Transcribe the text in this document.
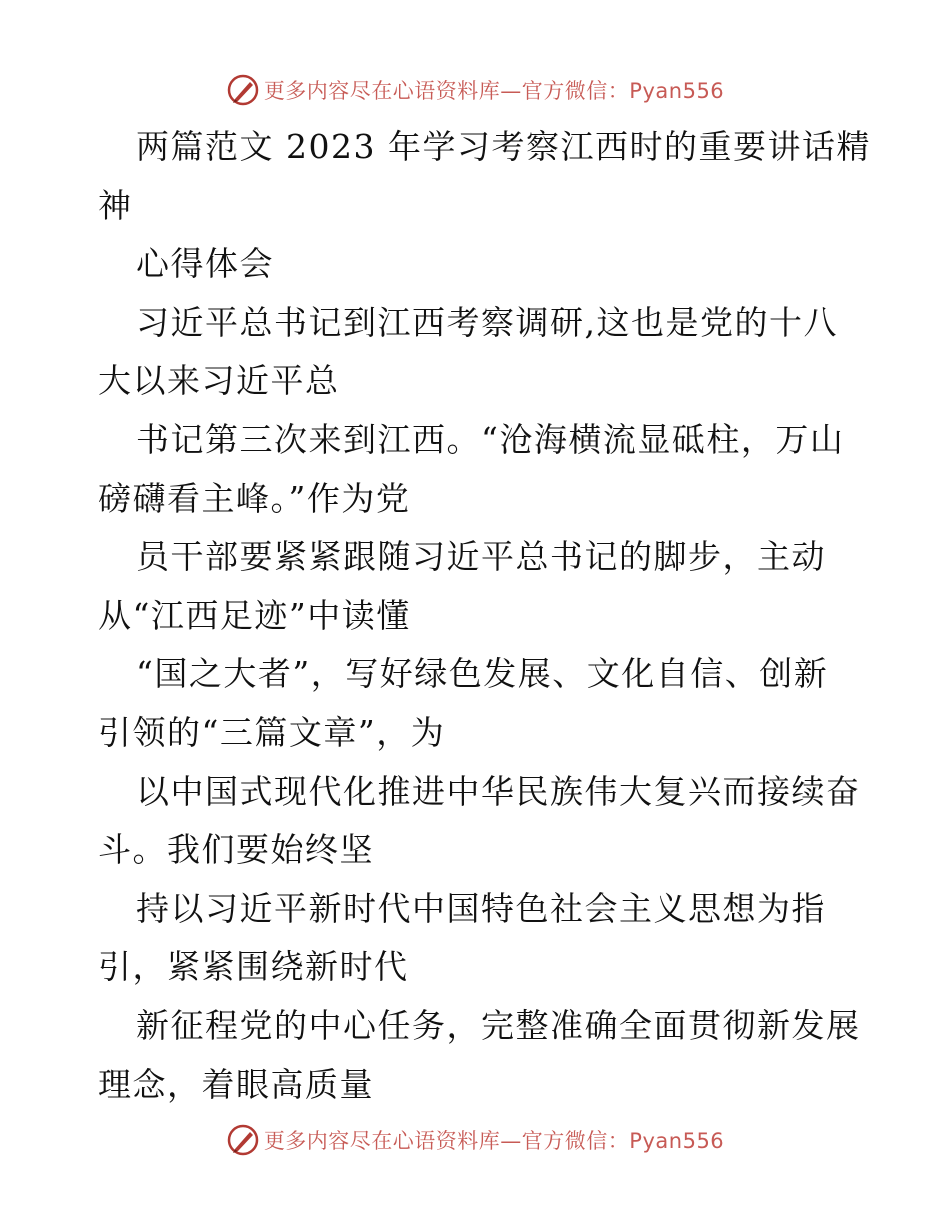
更多内容尽在心语资料库—官方微信：Pyan556
两篇范文 2023 年学习考察江西时的重要讲话精
神
心得体会
习近平总书记到江西考察调研,这也是党的十八
大以来习近平总
书记第三次来到江西。“沧海横流显砥柱，万山
磅礴看主峰。”作为党
员干部要紧紧跟随习近平总书记的脚步，主动
从“江西足迹”中读懂
“国之大者”，写好绿色发展、文化自信、创新
引领的“三篇文章”，为
以中国式现代化推进中华民族伟大复兴而接续奋
斗。我们要始终坚
持以习近平新时代中国特色社会主义思想为指
引，紧紧围绕新时代
新征程党的中心任务，完整准确全面贯彻新发展
理念，着眼高质量
更多内容尽在心语资料库—官方微信：Pyan556
